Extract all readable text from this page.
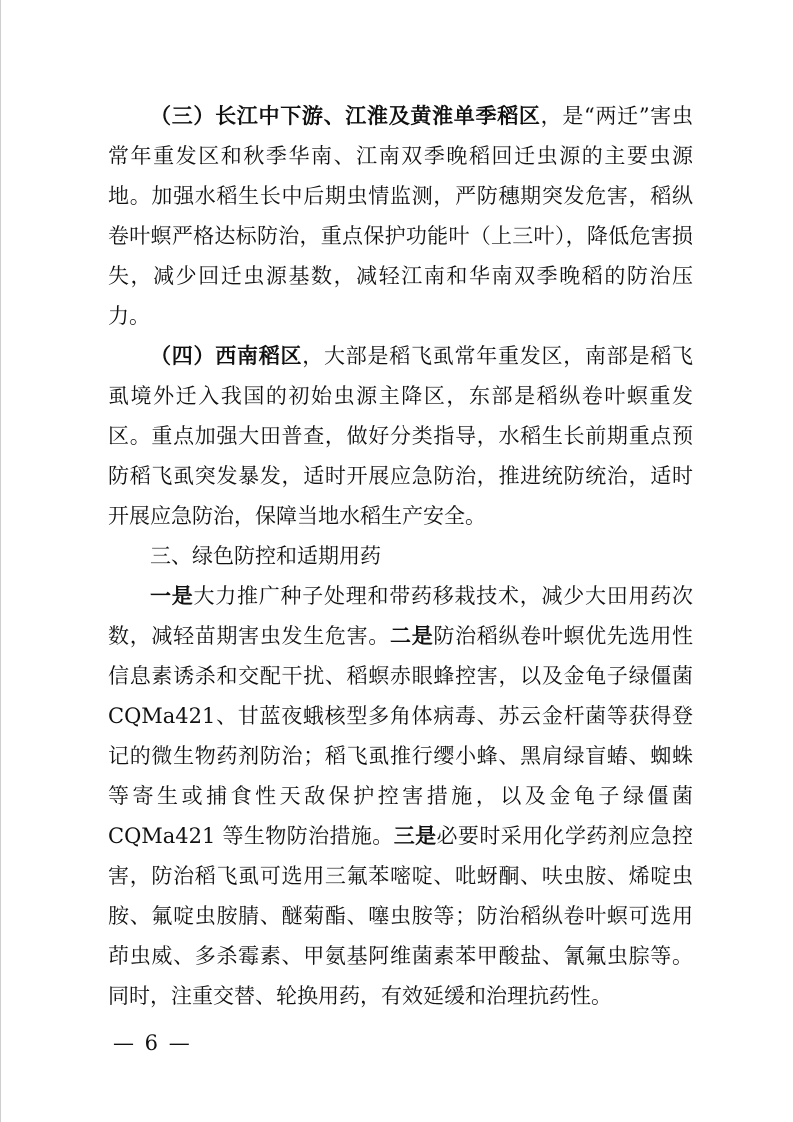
（三）长江中下游、江淮及黄淮单季稻区，是“两迁”害虫常年重发区和秋季华南、江南双季晚稻回迁虫源的主要虫源地。加强水稻生长中后期虫情监测，严防穗期突发危害，稻纵卷叶螟严格达标防治，重点保护功能叶（上三叶），降低危害损失，减少回迁虫源基数，减轻江南和华南双季晚稻的防治压力。

（四）西南稻区，大部是稻飞虱常年重发区，南部是稻飞虱境外迁入我国的初始虫源主降区，东部是稻纵卷叶螟重发区。重点加强大田普查，做好分类指导，水稻生长前期重点预防稻飞虱突发暴发，适时开展应急防治，推进统防统治，适时开展应急防治，保障当地水稻生产安全。

三、绿色防控和适期用药

一是大力推广种子处理和带药移栽技术，减少大田用药次数，减轻苗期害虫发生危害。二是防治稻纵卷叶螟优先选用性信息素诱杀和交配干扰、稻螟赤眼蜂控害，以及金龟子绿僵菌CQMa421、甘蓝夜蛾核型多角体病毒、苏云金杆菌等获得登记的微生物药剂防治；稻飞虱推行缨小蜂、黑肩绿盲蝽、蜘蛛等寄生或捕食性天敌保护控害措施，以及金龟子绿僵菌 CQMa421 等生物防治措施。三是必要时采用化学药剂应急控害，防治稻飞虱可选用三氟苯嘧啶、吡蚜酮、呋虫胺、烯啶虫胺、氟啶虫胺腈、醚菊酯、噻虫胺等；防治稻纵卷叶螟可选用茚虫威、多杀霉素、甲氨基阿维菌素苯甲酸盐、氰氟虫腙等。同时，注重交替、轮换用药，有效延缓和治理抗药性。

— 6 —
